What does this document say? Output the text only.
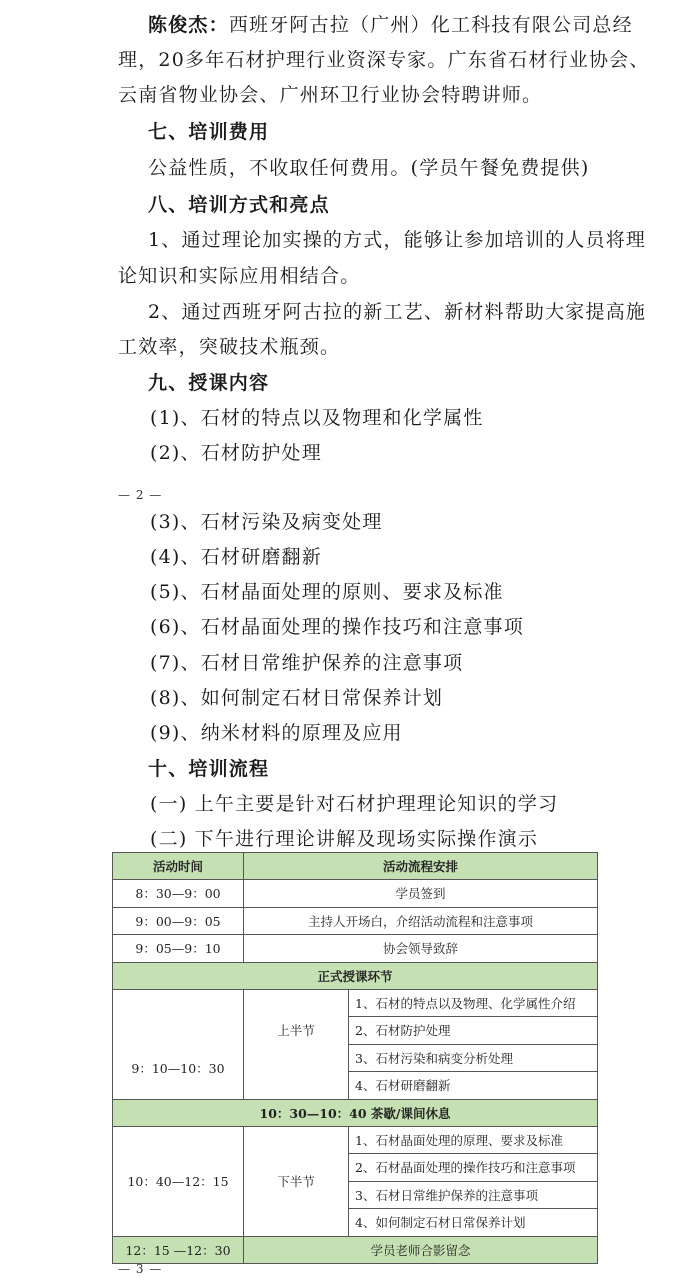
陈俊杰：西班牙阿古拉（广州）化工科技有限公司总经
理，20多年石材护理行业资深专家。广东省石材行业协会、
云南省物业协会、广州环卫行业协会特聘讲师。
七、培训费用
公益性质，不收取任何费用。(学员午餐免费提供)
八、培训方式和亮点
1、通过理论加实操的方式，能够让参加培训的人员将理
论知识和实际应用相结合。
2、通过西班牙阿古拉的新工艺、新材料帮助大家提高施
工效率，突破技术瓶颈。
九、授课内容
(1)、石材的特点以及物理和化学属性
(2)、石材防护处理
— 2 —
(3)、石材污染及病变处理
(4)、石材研磨翻新
(5)、石材晶面处理的原则、要求及标准
(6)、石材晶面处理的操作技巧和注意事项
(7)、石材日常维护保养的注意事项
(8)、如何制定石材日常保养计划
(9)、纳米材料的原理及应用
十、培训流程
(一) 上午主要是针对石材护理理论知识的学习
(二) 下午进行理论讲解及现场实际操作演示
活动时间	活动流程安排	
8：30—9：00	学员签到	
9：00—9：05	主持人开场白，介绍活动流程和注意事项	
9：05—9：10	协会领导致辞	
正式授课环节		
9：10—10：30	上半节	1、石材的特点以及物理、化学属性介绍
		2、石材防护处理
		3、石材污染和病变分析处理
		4、石材研磨翻新
10：30—10：40 茶歇/课间休息		
10：40—12：15	下半节	1、石材晶面处理的原理、要求及标准
		2、石材晶面处理的操作技巧和注意事项
		3、石材日常维护保养的注意事项
		4、如何制定石材日常保养计划
12：15 —12：30	学员老师合影留念	
— 3 —
